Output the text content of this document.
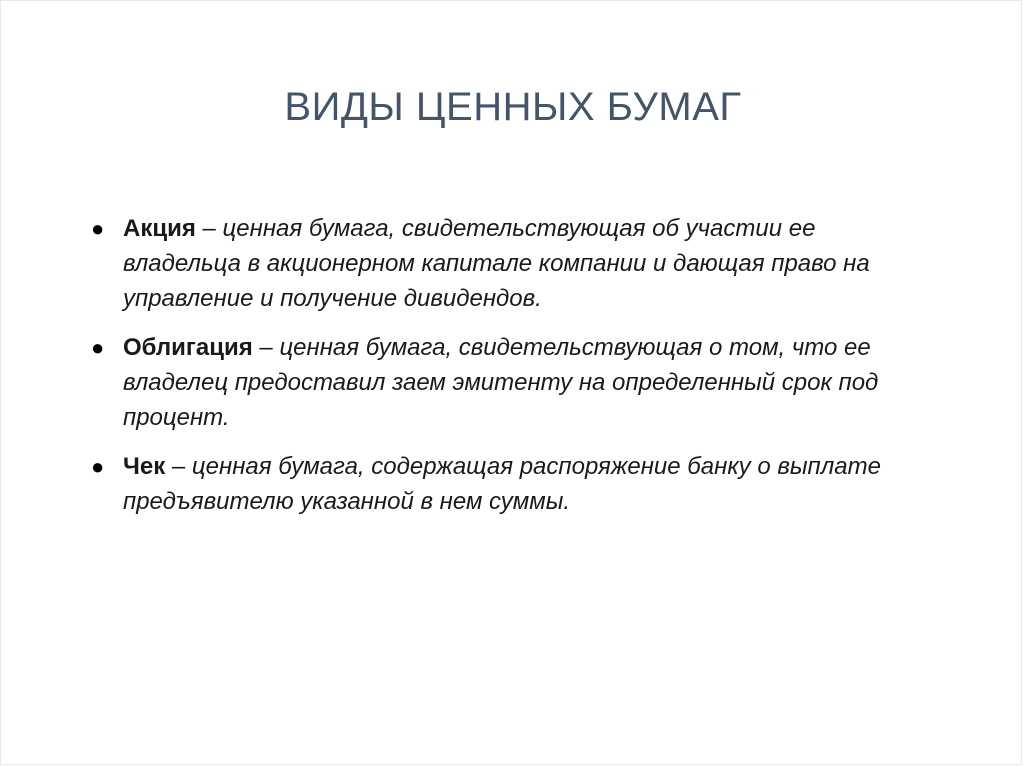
ВИДЫ ЦЕННЫХ БУМАГ
● Акция – ценная бумага, свидетельствующая об участии ее владельца в акционерном капитале компании и дающая право на управление и получение дивидендов.
● Облигация – ценная бумага, свидетельствующая о том, что ее владелец предоставил заем эмитенту на определенный срок под процент.
● Чек – ценная бумага, содержащая распоряжение банку о выплате предъявителю указанной в нем суммы.
